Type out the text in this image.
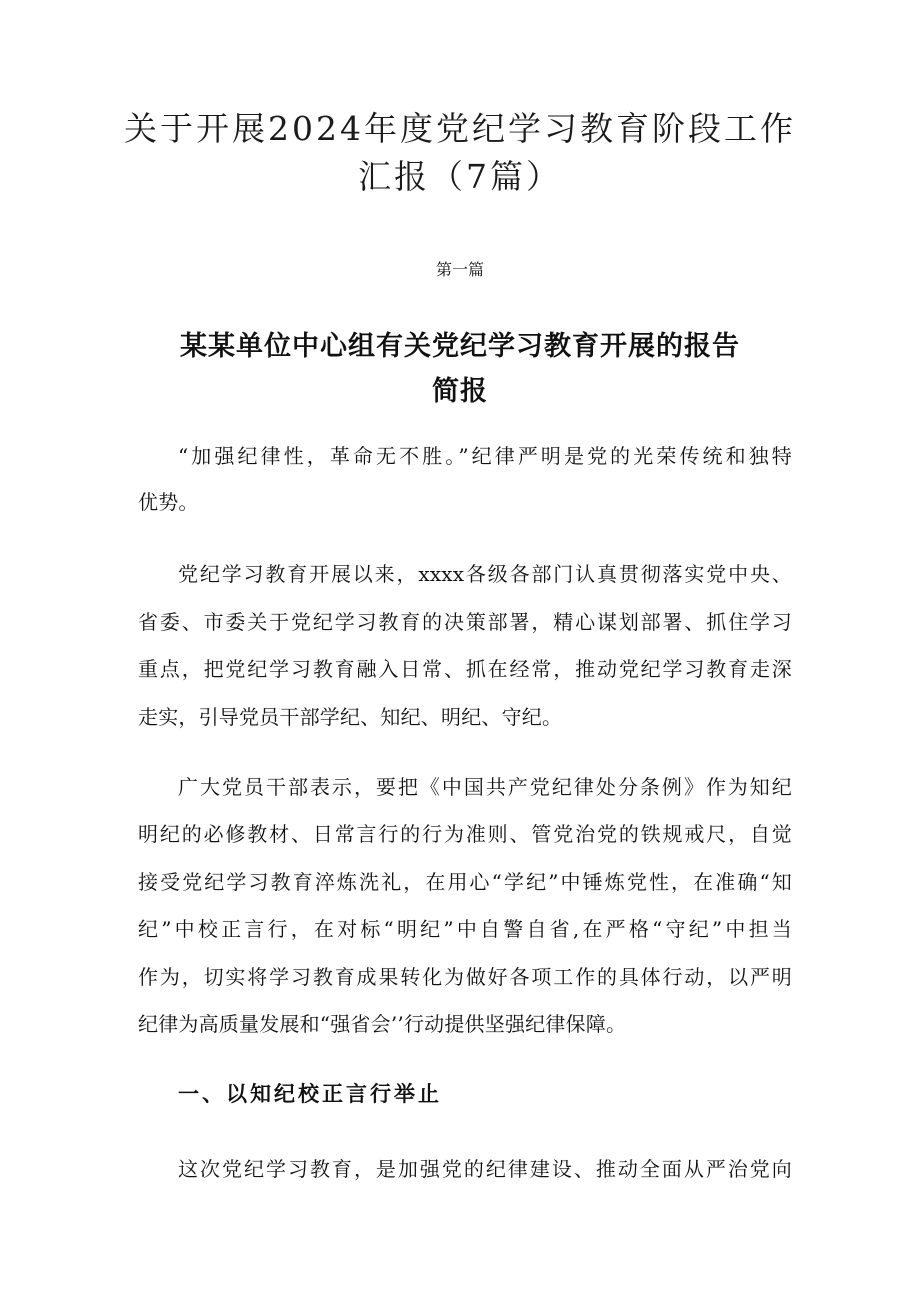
关于开展2024年度党纪学习教育阶段工作
汇报（7篇）
第一篇
某某单位中心组有关党纪学习教育开展的报告
简报
“加强纪律性，革命无不胜。”纪律严明是党的光荣传统和独特
优势。
党纪学习教育开展以来，xxxx各级各部门认真贯彻落实党中央、
省委、市委关于党纪学习教育的决策部署，精心谋划部署、抓住学习
重点，把党纪学习教育融入日常、抓在经常，推动党纪学习教育走深
走实，引导党员干部学纪、知纪、明纪、守纪。
广大党员干部表示，要把《中国共产党纪律处分条例》作为知纪
明纪的必修教材、日常言行的行为准则、管党治党的铁规戒尺，自觉
接受党纪学习教育淬炼洗礼，在用心“学纪”中锤炼党性，在准确“知
纪”中校正言行，在对标“明纪”中自警自省,在严格“守纪”中担当
作为，切实将学习教育成果转化为做好各项工作的具体行动，以严明
纪律为高质量发展和“强省会’’行动提供坚强纪律保障。
一、以知纪校正言行举止
这次党纪学习教育，是加强党的纪律建设、推动全面从严治党向
